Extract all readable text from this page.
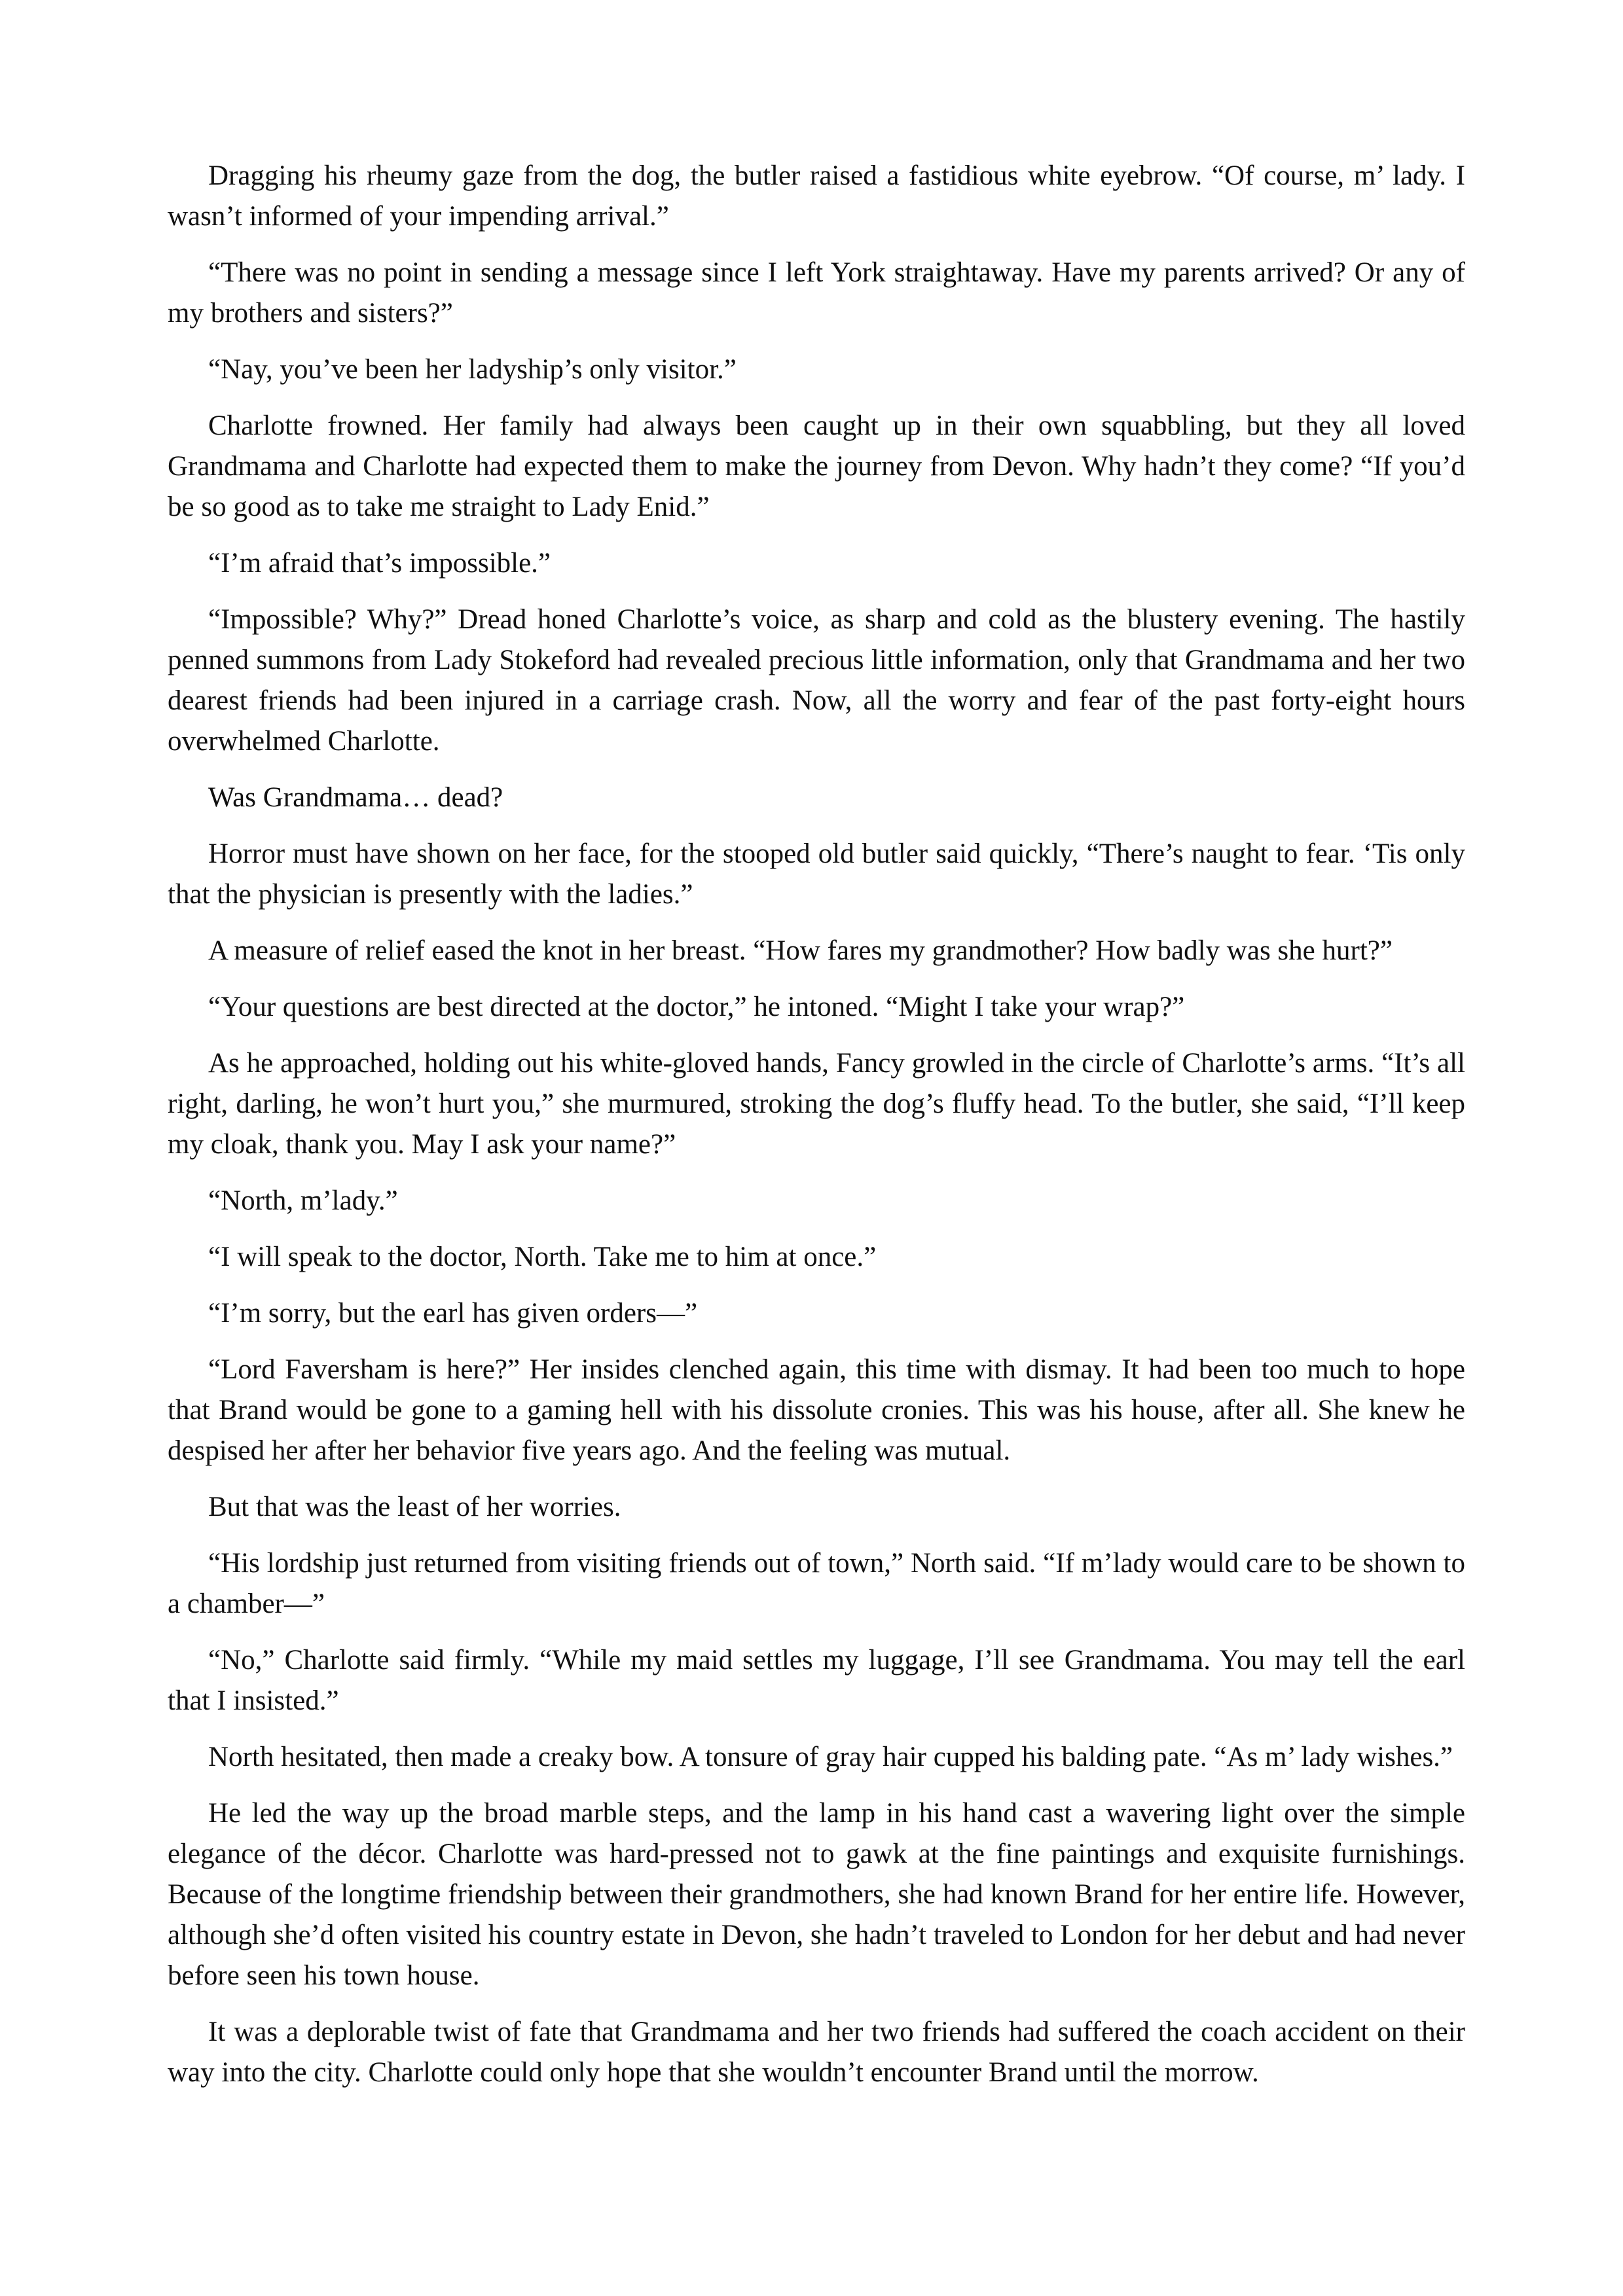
Dragging his rheumy gaze from the dog, the butler raised a fastidious white eyebrow. “Of course, m’ lady. I wasn’t informed of your impending arrival.”

“There was no point in sending a message since I left York straightaway. Have my parents arrived? Or any of my brothers and sisters?”

“Nay, you’ve been her ladyship’s only visitor.”

Charlotte frowned. Her family had always been caught up in their own squabbling, but they all loved Grandmama and Charlotte had expected them to make the journey from Devon. Why hadn’t they come? “If you’d be so good as to take me straight to Lady Enid.”

“I’m afraid that’s impossible.”

“Impossible? Why?” Dread honed Charlotte’s voice, as sharp and cold as the blustery evening. The hastily penned summons from Lady Stokeford had revealed precious little information, only that Grandmama and her two dearest friends had been injured in a carriage crash. Now, all the worry and fear of the past forty-eight hours overwhelmed Charlotte.

Was Grandmama… dead?

Horror must have shown on her face, for the stooped old butler said quickly, “There’s naught to fear. ‘Tis only that the physician is presently with the ladies.”

A measure of relief eased the knot in her breast. “How fares my grandmother? How badly was she hurt?”

“Your questions are best directed at the doctor,” he intoned. “Might I take your wrap?”

As he approached, holding out his white-gloved hands, Fancy growled in the circle of Charlotte’s arms. “It’s all right, darling, he won’t hurt you,” she murmured, stroking the dog’s fluffy head. To the butler, she said, “I’ll keep my cloak, thank you. May I ask your name?”

“North, m’lady.”

“I will speak to the doctor, North. Take me to him at once.”

“I’m sorry, but the earl has given orders—”

“Lord Faversham is here?” Her insides clenched again, this time with dismay. It had been too much to hope that Brand would be gone to a gaming hell with his dissolute cronies. This was his house, after all. She knew he despised her after her behavior five years ago. And the feeling was mutual.

But that was the least of her worries.

“His lordship just returned from visiting friends out of town,” North said. “If m’lady would care to be shown to a chamber—”

“No,” Charlotte said firmly. “While my maid settles my luggage, I’ll see Grandmama. You may tell the earl that I insisted.”

North hesitated, then made a creaky bow. A tonsure of gray hair cupped his balding pate. “As m’ lady wishes.”

He led the way up the broad marble steps, and the lamp in his hand cast a wavering light over the simple elegance of the décor. Charlotte was hard-pressed not to gawk at the fine paintings and exquisite furnishings. Because of the longtime friendship between their grandmothers, she had known Brand for her entire life. However, although she’d often visited his country estate in Devon, she hadn’t traveled to London for her debut and had never before seen his town house.

It was a deplorable twist of fate that Grandmama and her two friends had suffered the coach accident on their way into the city. Charlotte could only hope that she wouldn’t encounter Brand until the morrow.
